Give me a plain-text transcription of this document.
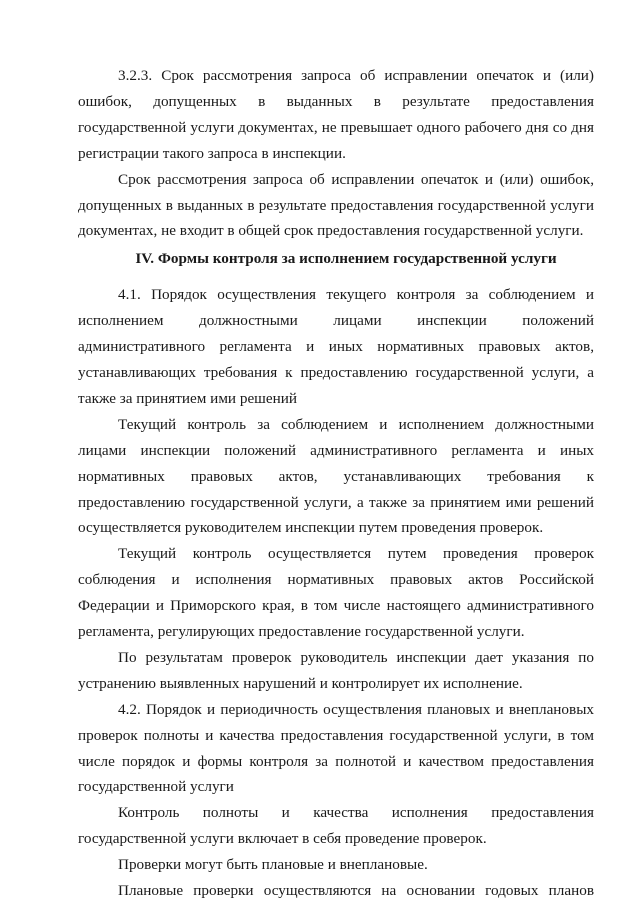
3.2.3. Срок рассмотрения запроса об исправлении опечаток и (или) ошибок, допущенных в выданных в результате предоставления государственной услуги документах, не превышает одного рабочего дня со дня регистрации такого запроса в инспекции.

Срок рассмотрения запроса об исправлении опечаток и (или) ошибок, допущенных в выданных в результате предоставления государственной услуги документах, не входит в общей срок предоставления государственной услуги.

IV. Формы контроля за исполнением государственной услуги

4.1. Порядок осуществления текущего контроля за соблюдением и исполнением должностными лицами инспекции положений административного регламента и иных нормативных правовых актов, устанавливающих требования к предоставлению государственной услуги, а также за принятием ими решений

Текущий контроль за соблюдением и исполнением должностными лицами инспекции положений административного регламента и иных нормативных правовых актов, устанавливающих требования к предоставлению государственной услуги, а также за принятием ими решений осуществляется руководителем инспекции путем проведения проверок.

Текущий контроль осуществляется путем проведения проверок соблюдения и исполнения нормативных правовых актов Российской Федерации и Приморского края, в том числе настоящего административного регламента, регулирующих предоставление государственной услуги.

По результатам проверок руководитель инспекции дает указания по устранению выявленных нарушений и контролирует их исполнение.

4.2. Порядок и периодичность осуществления плановых и внеплановых проверок полноты и качества предоставления государственной услуги, в том числе порядок и формы контроля за полнотой и качеством предоставления государственной услуги

Контроль полноты и качества исполнения предоставления государственной услуги включает в себя проведение проверок.

Проверки могут быть плановые и внеплановые.

Плановые проверки осуществляются на основании годовых планов
